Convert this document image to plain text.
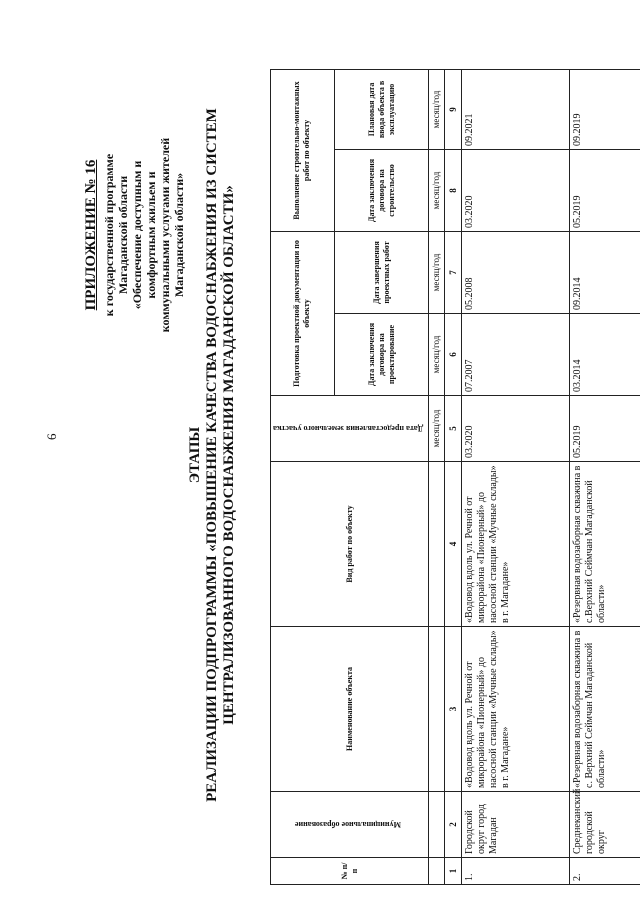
6
ПРИЛОЖЕНИЕ № 16 к государственной программе Магаданской области «Обеспечение доступным и комфортным жильем и коммунальными услугами жителей Магаданской области»
ЭТАПЫ РЕАЛИЗАЦИИ ПОДПРОГРАММЫ «ПОВЫШЕНИЕ КАЧЕСТВА ВОДОСНАБЖЕНИЯ ИЗ СИСТЕМ ЦЕНТРАЛИЗОВАННОГО ВОДОСНАБЖЕНИЯ МАГАДАНСКОЙ ОБЛАСТИ»
№ п/п	Муниципальное образование	Наименование объекта	Вид работ по объекту	Дата предоставления земельного участка	Подготовка проектной документации по объекту		Выполнение строительно-монтажных работ по объекту	
					Дата заключения договора на проектирование	Дата завершения проектных работ	Дата заключения договора на строительство	Плановая дата ввода объекта в эксплуатацию
				месяц/год	месяц/год	месяц/год	месяц/год	месяц/год
1	2	3	4	5	6	7	8	9
1.	Городской округ город Магадан	«Водовод вдоль ул. Речной от микрорайона «Пионерный» до насосной станции «Мучные склады» в г. Магадане»	«Водовод вдоль ул. Речной от микрорайона «Пионерный» до насосной станции «Мучные склады» в г. Магадане»	03.2020	07.2007	05.2008	03.2020	09.2021
2.	Среднеканский городской округ	«Резервная водозаборная скважина в с. Верхний Сеймчан Магаданской области»	«Резервная водозаборная скважина в с.Верхний Сеймчан Магаданской области»	05.2019	03.2014	09.2014	05.2019	09.2019
